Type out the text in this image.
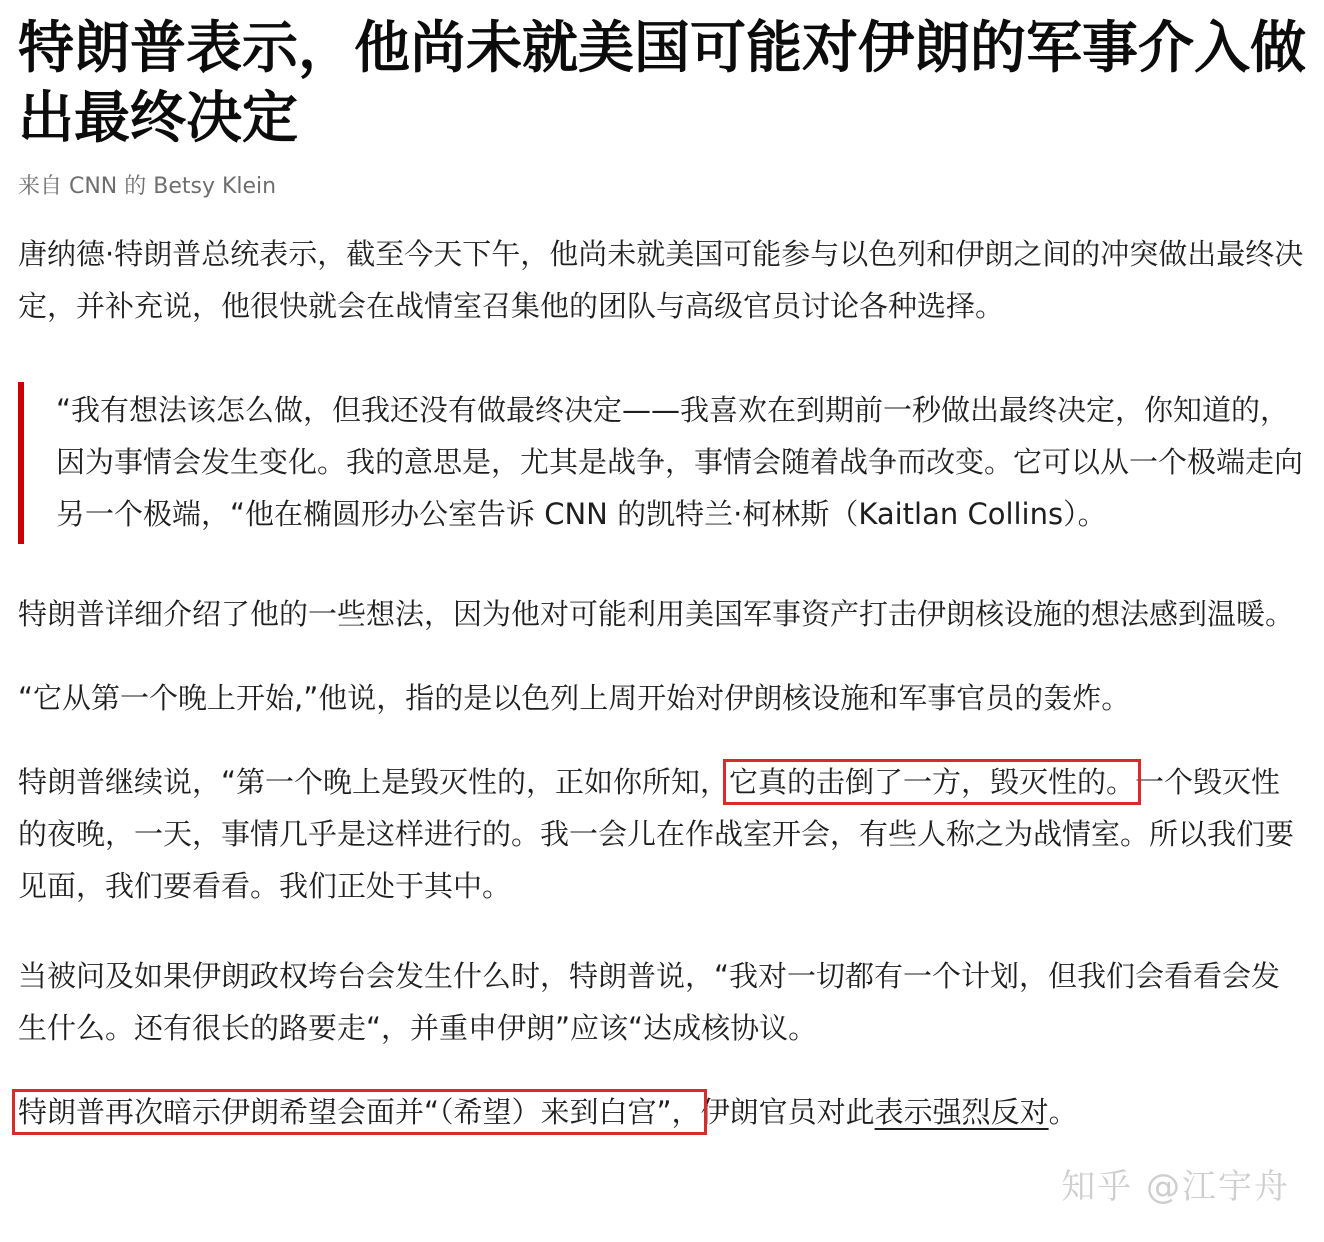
特朗普表示，他尚未就美国可能对伊朗的军事介入做出最终决定
来自 CNN 的 Betsy Klein

唐纳德·特朗普总统表示，截至今天下午，他尚未就美国可能参与以色列和伊朗之间的冲突做出最终决定，并补充说，他很快就会在战情室召集他的团队与高级官员讨论各种选择。

“我有想法该怎么做，但我还没有做最终决定——我喜欢在到期前一秒做出最终决定，你知道的，因为事情会发生变化。我的意思是，尤其是战争，事情会随着战争而改变。它可以从一个极端走向另一个极端，“他在椭圆形办公室告诉 CNN 的凯特兰·柯林斯（Kaitlan Collins）。

特朗普详细介绍了他的一些想法，因为他对可能利用美国军事资产打击伊朗核设施的想法感到温暖。

“它从第一个晚上开始,”他说，指的是以色列上周开始对伊朗核设施和军事官员的轰炸。

特朗普继续说，“第一个晚上是毁灭性的，正如你所知，它真的击倒了一方，毁灭性的。一个毁灭性的夜晚，一天，事情几乎是这样进行的。我一会儿在作战室开会，有些人称之为战情室。所以我们要见面，我们要看看。我们正处于其中。

当被问及如果伊朗政权垮台会发生什么时，特朗普说，“我对一切都有一个计划，但我们会看看会发生什么。还有很长的路要走“，并重申伊朗”应该“达成核协议。

特朗普再次暗示伊朗希望会面并“（希望）来到白宫”，伊朗官员对此表示强烈反对。

知乎 @江宇舟
